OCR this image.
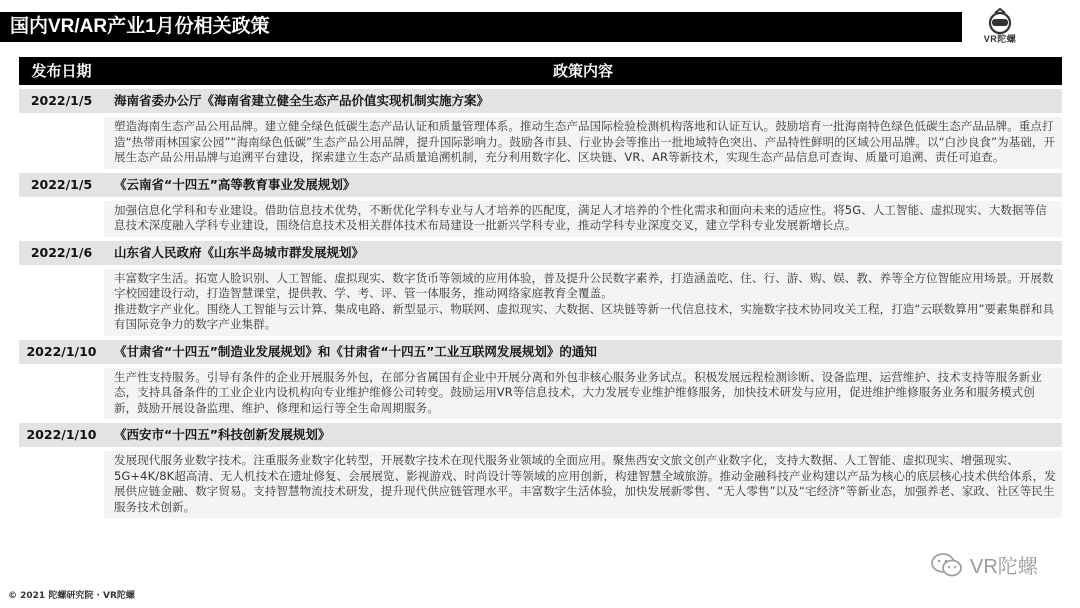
国内VR/AR产业1月份相关政策
VR陀螺
发布日期	政策内容
2022/1/5	海南省委办公厅《海南省建立健全生态产品价值实现机制实施方案》

塑造海南生态产品公用品牌。建立健全绿色低碳生态产品认证和质量管理体系。推动生态产品国际检验检测机构落地和认证互认。鼓励培育一批海南特色绿色低碳生态产品品牌。重点打造“热带雨林国家公园”“海南绿色低碳”生态产品公用品牌，提升国际影响力。鼓励各市县、行业协会等推出一批地域特色突出、产品特性鲜明的区域公用品牌。以“白沙良食”为基础，开展生态产品公用品牌与追溯平台建设，探索建立生态产品质量追溯机制，充分利用数字化、区块链、VR、AR等新技术，实现生态产品信息可查询、质量可追溯、责任可追查。

2022/1/5	《云南省“十四五”高等教育事业发展规划》

加强信息化学科和专业建设。借助信息技术优势，不断优化学科专业与人才培养的匹配度，满足人才培养的个性化需求和面向未来的适应性。将5G、人工智能、虚拟现实、大数据等信息技术深度融入学科专业建设，围绕信息技术及相关群体技术布局建设一批新兴学科专业，推动学科专业深度交叉，建立学科专业发展新增长点。

2022/1/6	山东省人民政府《山东半岛城市群发展规划》

丰富数字生活。拓宽人脸识别、人工智能、虚拟现实、数字货币等领域的应用体验，普及提升公民数字素养，打造涵盖吃、住、行、游、购、娱、教、养等全方位智能应用场景。开展数字校园建设行动，打造智慧课堂，提供教、学、考、评、管一体服务，推动网络家庭教育全覆盖。

推进数字产业化。围绕人工智能与云计算、集成电路、新型显示、物联网、虚拟现实、大数据、区块链等新一代信息技术，实施数字技术协同攻关工程，打造“云联数算用”要素集群和具有国际竞争力的数字产业集群。

2022/1/10	《甘肃省“十四五”制造业发展规划》和《甘肃省“十四五”工业互联网发展规划》的通知

生产性支持服务。引导有条件的企业开展服务外包，在部分省属国有企业中开展分离和外包非核心服务业务试点。积极发展远程检测诊断、设备监理、运营维护、技术支持等服务新业态，支持具备条件的工业企业内设机构向专业维护维修公司转变。鼓励运用VR等信息技术，大力发展专业维护维修服务，加快技术研发与应用，促进维护维修服务业务和服务模式创新，鼓励开展设备监理、维护、修理和运行等全生命周期服务。

2022/1/10	《西安市“十四五”科技创新发展规划》

发展现代服务业数字技术。注重服务业数字化转型，开展数字技术在现代服务业领域的全面应用。聚焦西安文旅文创产业数字化，支持大数据、人工智能、虚拟现实、增强现实、5G+4K/8K超高清、无人机技术在遗址修复、会展展览、影视游戏、时尚设计等领域的应用创新，构建智慧全域旅游。推动金融科技产业构建以产品为核心的底层核心技术供给体系，发展供应链金融、数字贸易。支持智慧物流技术研发，提升现代供应链管理水平。丰富数字生活体验，加快发展新零售、“无人零售”以及“宅经济”等新业态，加强养老、家政、社区等民生服务技术创新。

© 2021 陀螺研究院 · VR陀螺
VR陀螺
